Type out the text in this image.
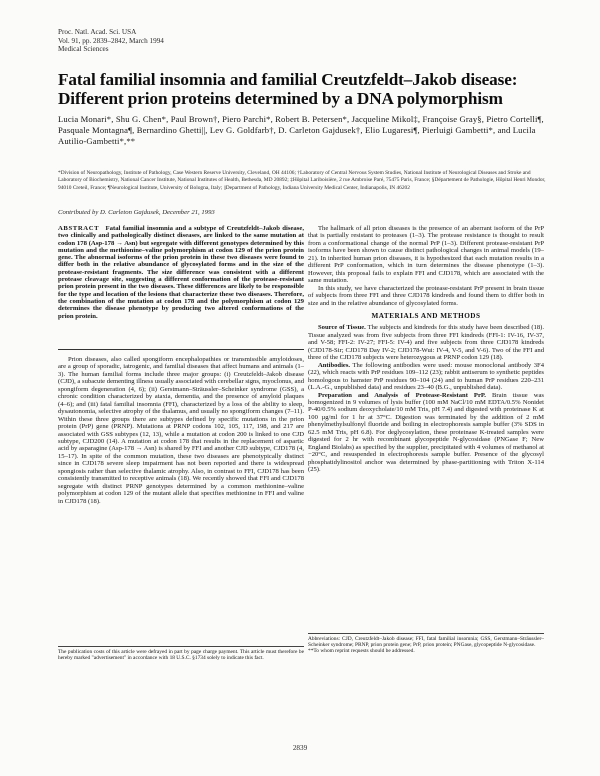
Proc. Natl. Acad. Sci. USA
Vol. 91, pp. 2839–2842, March 1994
Medical Sciences
Fatal familial insomnia and familial Creutzfeldt–Jakob disease: Different prion proteins determined by a DNA polymorphism
Lucia Monari*, Shu G. Chen*, Paul Brown†, Piero Parchi*, Robert B. Petersen*, Jacqueline Mikol‡, Françoise Gray§, Pietro Cortelli¶, Pasquale Montagna¶, Bernardino Ghetti||, Lev G. Goldfarb†, D. Carleton Gajdusek†, Elio Lugaresi¶, Pierluigi Gambetti*, and Lucila Autilio-Gambetti*,**
*Division of Neuropathology, Institute of Pathology, Case Western Reserve University, Cleveland, OH 44106; †Laboratory of Central Nervous System Studies, National Institute of Neurological Diseases and Stroke and Laboratory of Biochemistry, National Cancer Institute, National Institutes of Health, Bethesda, MD 20892; ‡Hôpital Lariboisière, 2 rue Ambroise Paré, 75475 Paris, France; §Département de Pathologie, Hôpital Henri Mondor, 94010 Creteil, France; ¶Neurological Institute, University of Bologna, Italy; ||Department of Pathology, Indiana University Medical Center, Indianapolis, IN 46202
Contributed by D. Carleton Gajdusek, December 21, 1993
ABSTRACT Fatal familial insomnia and a subtype of Creutzfeldt–Jakob disease, two clinically and pathologically distinct diseases, are linked to the same mutation at codon 178 (Asp-178 → Asn) but segregate with different genotypes determined by this mutation and the methionine–valine polymorphism at codon 129 of the prion protein gene. The abnormal isoforms of the prion protein in these two diseases were found to differ both in the relative abundance of glycosylated forms and in the size of the protease-resistant fragments. The size difference was consistent with a different protease cleavage site, suggesting a different conformation of the protease-resistant prion protein present in the two diseases. These differences are likely to be responsible for the type and location of the lesions that characterize these two diseases. Therefore, the combination of the mutation at codon 178 and the polymorphism at codon 129 determines the disease phenotype by producing two altered conformations of the prion protein.

Prion diseases, also called spongiform encephalopathies or transmissible amyloidoses, are a group of sporadic, iatrogenic, and familial diseases that affect humans and animals (1–3). The human familial forms include three major groups: (i) Creutzfeldt–Jakob disease (CJD), a subacute dementing illness usually associated with cerebellar signs, myoclonus, and spongiform degeneration (4, 6); (ii) Gerstmann–Sträussler–Scheinker syndrome (GSS), a chronic condition characterized by ataxia, dementia, and the presence of amyloid plaques (4–6); and (iii) fatal familial insomnia (FFI), characterized by a loss of the ability to sleep, dysautonomia, selective atrophy of the thalamus, and usually no spongiform changes (7–11). Within these three groups there are subtypes defined by specific mutations in the prion protein (PrP) gene (PRNP). Mutations at PRNP codons 102, 105, 117, 198, and 217 are associated with GSS subtypes (12, 13), while a mutation at codon 200 is linked to one CJD subtype, CJD200 (14). A mutation at codon 178 that results in the replacement of aspartic acid by asparagine (Asp-178 → Asn) is shared by FFI and another CJD subtype, CJD178 (4, 15–17). In spite of the common mutation, these two diseases are phenotypically distinct since in CJD178 severe sleep impairment has not been reported and there is widespread spongiosis rather than selective thalamic atrophy. Also, in contrast to FFI, CJD178 has been consistently transmitted to receptive animals (18). We recently showed that FFI and CJD178 segregate with distinct PRNP genotypes determined by a common methionine–valine polymorphism at codon 129 of the mutant allele that specifies methionine in FFI and valine in CJD178 (18).

The publication costs of this article were defrayed in part by page charge payment. This article must therefore be hereby marked "advertisement" in accordance with 18 U.S.C. §1734 solely to indicate this fact.

The hallmark of all prion diseases is the presence of an aberrant isoform of the PrP that is partially resistant to proteases (1–3). The protease resistance is thought to result from a conformational change of the normal PrP (1–3). Different protease-resistant PrP isoforms have been shown to cause distinct pathological changes in animal models (19–21). In inherited human prion diseases, it is hypothesized that each mutation results in a different PrP conformation, which in turn determines the disease phenotype (1–3). However, this proposal fails to explain FFI and CJD178, which are associated with the same mutation.

In this study, we have characterized the protease-resistant PrP present in brain tissue of subjects from three FFI and three CJD178 kindreds and found them to differ both in size and in the relative abundance of glycosylated forms.

MATERIALS AND METHODS

Source of Tissue. The subjects and kindreds for this study have been described (18). Tissue analyzed was from five subjects from three FFI kindreds (FFI-1: IV-16, IV-37, and V-58; FFI-2: IV-27; FFI-5: IV-4) and five subjects from three CJD178 kindreds (CJD178-Sir; CJD178 Day IV-2; CJD178-Wui: IV-4, V-5, and V-6). Two of the FFI and three of the CJD178 subjects were heterozygous at PRNP codon 129 (18).

Antibodies. The following antibodies were used: mouse monoclonal antibody 3F4 (22), which reacts with PrP residues 109–112 (23); rabbit antiserum to synthetic peptides homologous to hamster PrP residues 90–104 (24) and to human PrP residues 220–231 (L.A.-G., unpublished data) and residues 23–40 (B.G., unpublished data).

Preparation and Analysis of Protease-Resistant PrP. Brain tissue was homogenized in 9 volumes of lysis buffer (100 mM NaCl/10 mM EDTA/0.5% Nonidet P-40/0.5% sodium deoxycholate/10 mM Tris, pH 7.4) and digested with proteinase K at 100 µg/ml for 1 hr at 37°C. Digestion was terminated by the addition of 2 mM phenylmethylsulfonyl fluoride and boiling in electrophoresis sample buffer (3% SDS in 62.5 mM Tris, pH 6.8). For deglycosylation, these proteinase K-treated samples were digested for 2 hr with recombinant glycopeptide N-glycosidase (PNGase F; New England Biolabs) as specified by the supplier, precipitated with 4 volumes of methanol at −20°C, and resuspended in electrophoresis sample buffer. Presence of the glycosyl phosphatidylinositol anchor was determined by phase-partitioning with Triton X-114 (25).

Abbreviations: CJD, Creutzfeldt–Jakob disease; FFI, fatal familial insomnia; GSS, Gerstmann–Sträussler–Scheinker syndrome; PRNP, prion protein gene; PrP, prion protein; PNGase, glycopeptide N-glycosidase.
**To whom reprint requests should be addressed.
2839
